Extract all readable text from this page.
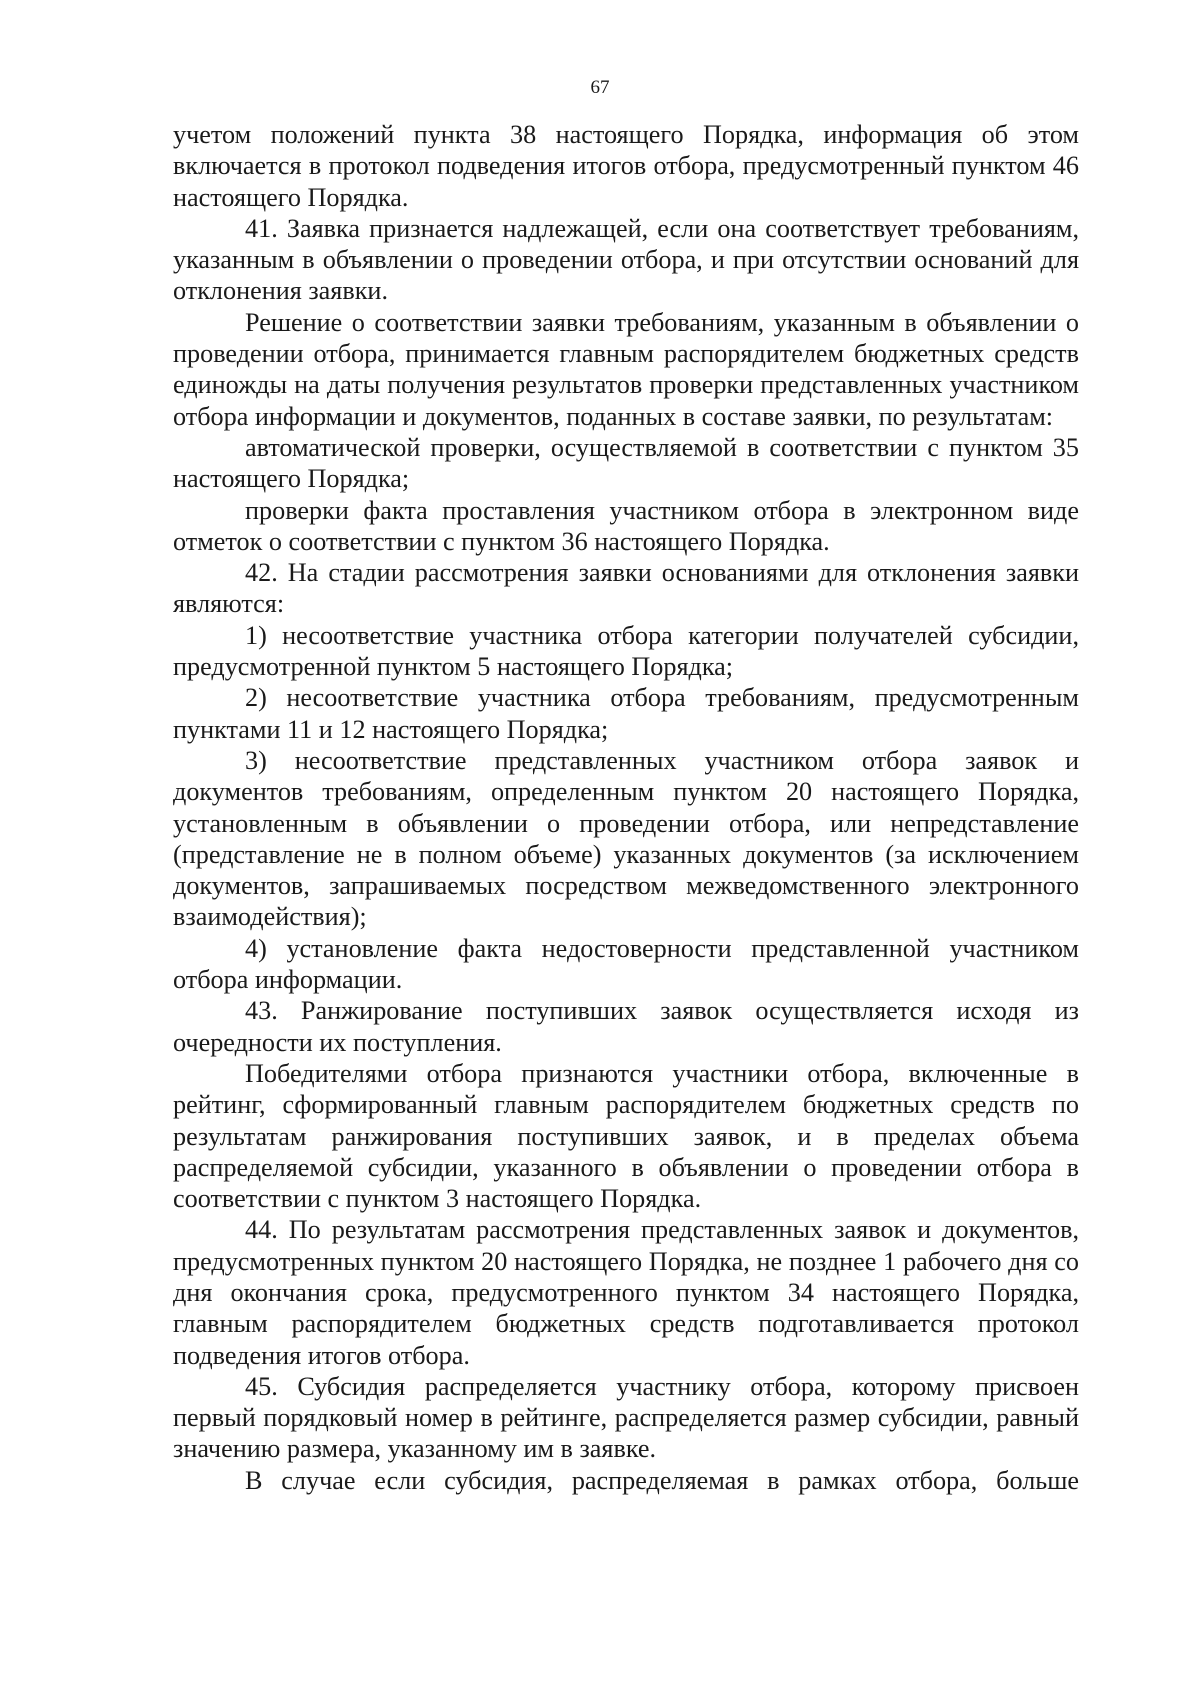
67

учетом положений пункта 38 настоящего Порядка, информация об этом включается в протокол подведения итогов отбора, предусмотренный пунктом 46 настоящего Порядка.

41. Заявка признается надлежащей, если она соответствует требованиям, указанным в объявлении о проведении отбора, и при отсутствии оснований для отклонения заявки.

Решение о соответствии заявки требованиям, указанным в объявлении о проведении отбора, принимается главным распорядителем бюджетных средств единожды на даты получения результатов проверки представленных участником отбора информации и документов, поданных в составе заявки, по результатам:

автоматической проверки, осуществляемой в соответствии с пунктом 35 настоящего Порядка;

проверки факта проставления участником отбора в электронном виде отметок о соответствии с пунктом 36 настоящего Порядка.

42. На стадии рассмотрения заявки основаниями для отклонения заявки являются:

1) несоответствие участника отбора категории получателей субсидии, предусмотренной пунктом 5 настоящего Порядка;

2) несоответствие участника отбора требованиям, предусмотренным пунктами 11 и 12 настоящего Порядка;

3) несоответствие представленных участником отбора заявок и документов требованиям, определенным пунктом 20 настоящего Порядка, установленным в объявлении о проведении отбора, или непредставление (представление не в полном объеме) указанных документов (за исключением документов, запрашиваемых посредством межведомственного электронного взаимодействия);

4) установление факта недостоверности представленной участником отбора информации.

43. Ранжирование поступивших заявок осуществляется исходя из очередности их поступления.

Победителями отбора признаются участники отбора, включенные в рейтинг, сформированный главным распорядителем бюджетных средств по результатам ранжирования поступивших заявок, и в пределах объема распределяемой субсидии, указанного в объявлении о проведении отбора в соответствии с пунктом 3 настоящего Порядка.

44. По результатам рассмотрения представленных заявок и документов, предусмотренных пунктом 20 настоящего Порядка, не позднее 1 рабочего дня со дня окончания срока, предусмотренного пунктом 34 настоящего Порядка, главным распорядителем бюджетных средств подготавливается протокол подведения итогов отбора.

45. Субсидия распределяется участнику отбора, которому присвоен первый порядковый номер в рейтинге, распределяется размер субсидии, равный значению размера, указанному им в заявке.

В случае если субсидия, распределяемая в рамках отбора, больше
